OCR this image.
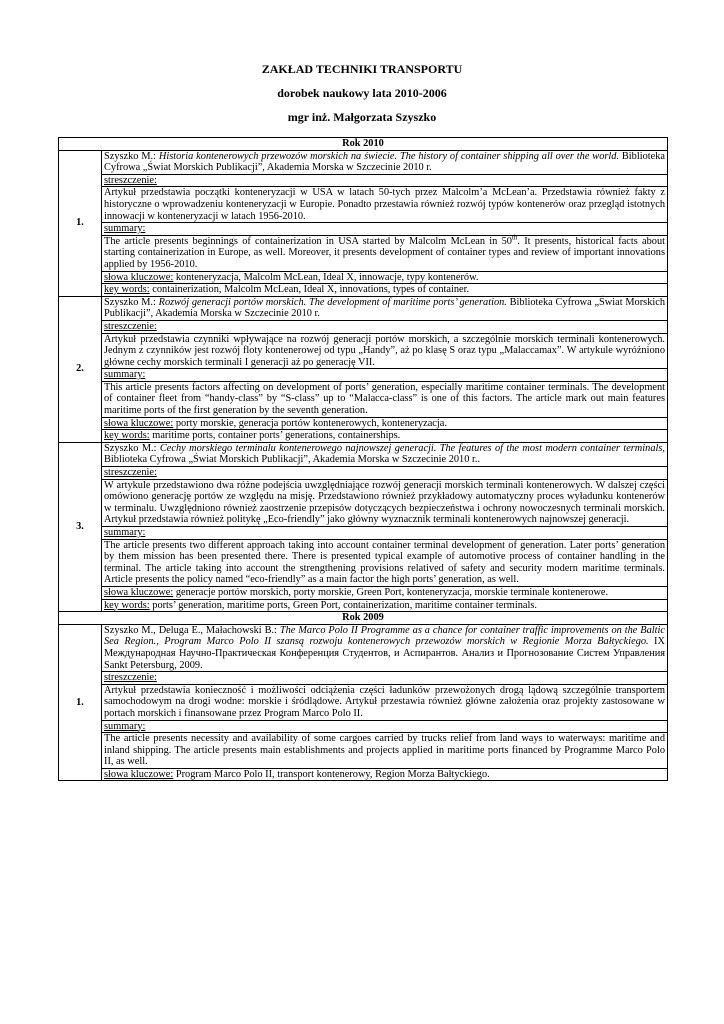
ZAKŁAD TECHNIKI TRANSPORTU
dorobek naukowy lata 2010-2006
mgr inż. Małgorzata Szyszko
Rok 2010	
1.	Szyszko M.: Historia kontenerowych przewozów morskich na świecie. The history of container shipping all over the world. Biblioteka Cyfrowa „Świat Morskich Publikacji”, Akademia Morska w Szczecinie 2010 r.
	streszczenie:
	Artykuł przedstawia początki konteneryzacji w USA w latach 50-tych przez Malcolm’a McLean’a. Przedstawia również fakty z historyczne o wprowadzeniu konteneryzacji w Europie. Ponadto przestawia również rozwój typów kontenerów oraz przegląd istotnych innowacji w konteneryzacji w latach 1956-2010.
	summary:
	The article presents beginnings of containerization in USA started by Malcolm McLean in 50th. It presents, historical facts about starting containerization in Europe, as well. Moreover, it presents development of container types and review of important innovations applied by 1956-2010.
	słowa kluczowe: konteneryzacja, Malcolm McLean, Ideal X, innowacje, typy kontenerów.
	key words: containerization, Malcolm McLean, Ideal X, innovations, types of container.
2.	Szyszko M.: Rozwój generacji portów morskich. The development of maritime ports’ generation. Biblioteka Cyfrowa „Świat Morskich Publikacji”, Akademia Morska w Szczecinie 2010 r.
	streszczenie:
	Artykuł przedstawia czynniki wpływające na rozwój generacji portów morskich, a szczególnie morskich terminali kontenerowych. Jednym z czynników jest rozwój floty kontenerowej od typu „Handy”, aż po klasę S oraz typu „Malaccamax”. W artykule wyróżniono główne cechy morskich terminali I generacji aż po generację VII.
	summary:
	This article presents factors affecting on development of ports’ generation, especially maritime container terminals. The development of container fleet from “handy-class” by “S-class” up to “Malacca-class” is one of this factors. The article mark out main features maritime ports of the first generation by the seventh generation.
	słowa kluczowe: porty morskie, generacja portów kontenerowych, konteneryzacja.
	key words: maritime ports, container ports’ generations, containerships.
3.	Szyszko M.: Cechy morskiego terminalu kontenerowego najnowszej generacji. The features of the most modern container terminals, Biblioteka Cyfrowa „Świat Morskich Publikacji”, Akademia Morska w Szczecinie 2010 r..
	streszczenie:
	W artykule przedstawiono dwa różne podejścia uwzględniające rozwój generacji morskich terminali kontenerowych. W dalszej części omówiono generację portów ze względu na misję. Przedstawiono również przykładowy automatyczny proces wyładunku kontenerów w terminalu. Uwzględniono również zaostrzenie przepisów dotyczących bezpieczeństwa i ochrony nowoczesnych terminali morskich. Artykuł przedstawia również politykę „Eco-friendly” jako główny wyznacznik terminali kontenerowych najnowszej generacji.
	summary:
	The article presents two different approach taking into account container terminal development of generation. Later ports’ generation by them mission has been presented there. There is presented typical example of automotive process of container handling in the terminal. The article taking into account the strengthening provisions relatived of safety and security modern maritime terminals. Article presents the policy named “eco-friendly” as a main factor the high ports’ generation, as well.
	słowa kluczowe: generacje portów morskich, porty morskie, Green Port, konteneryzacja, morskie terminale kontenerowe.
	key words: ports’ generation, maritime ports, Green Port, containerization, maritime container terminals.
Rok 2009	
1.	Szyszko M., Deluga E., Małachowski B.: The Marco Polo II Programme as a chance for container traffic improvements on the Baltic Sea Region., Program Marco Polo II szansą rozwoju kontenerowych przewozów morskich w Regionie Morza Bałtyckiego. IX Международная Научно-Практическая Конференция Студентов, и Аспирантов. Анализ и Прогнозование Систем Управления Sankt Petersburg, 2009.
	streszczenie:
	Artykuł przedstawia konieczność i możliwości odciążenia części ładunków przewożonych drogą lądową szczególnie transportem samochodowym na drogi wodne: morskie i śródlądowe. Artykuł przestawia również główne założenia oraz projekty zastosowane w portach morskich i finansowane przez Program Marco Polo II.
	summary:
	The article presents necessity and availability of some cargoes carried by trucks relief from land ways to waterways: maritime and inland shipping. The article presents main establishments and projects applied in maritime ports financed by Programme Marco Polo II, as well.
	słowa kluczowe: Program Marco Polo II, transport kontenerowy, Region Morza Bałtyckiego.
